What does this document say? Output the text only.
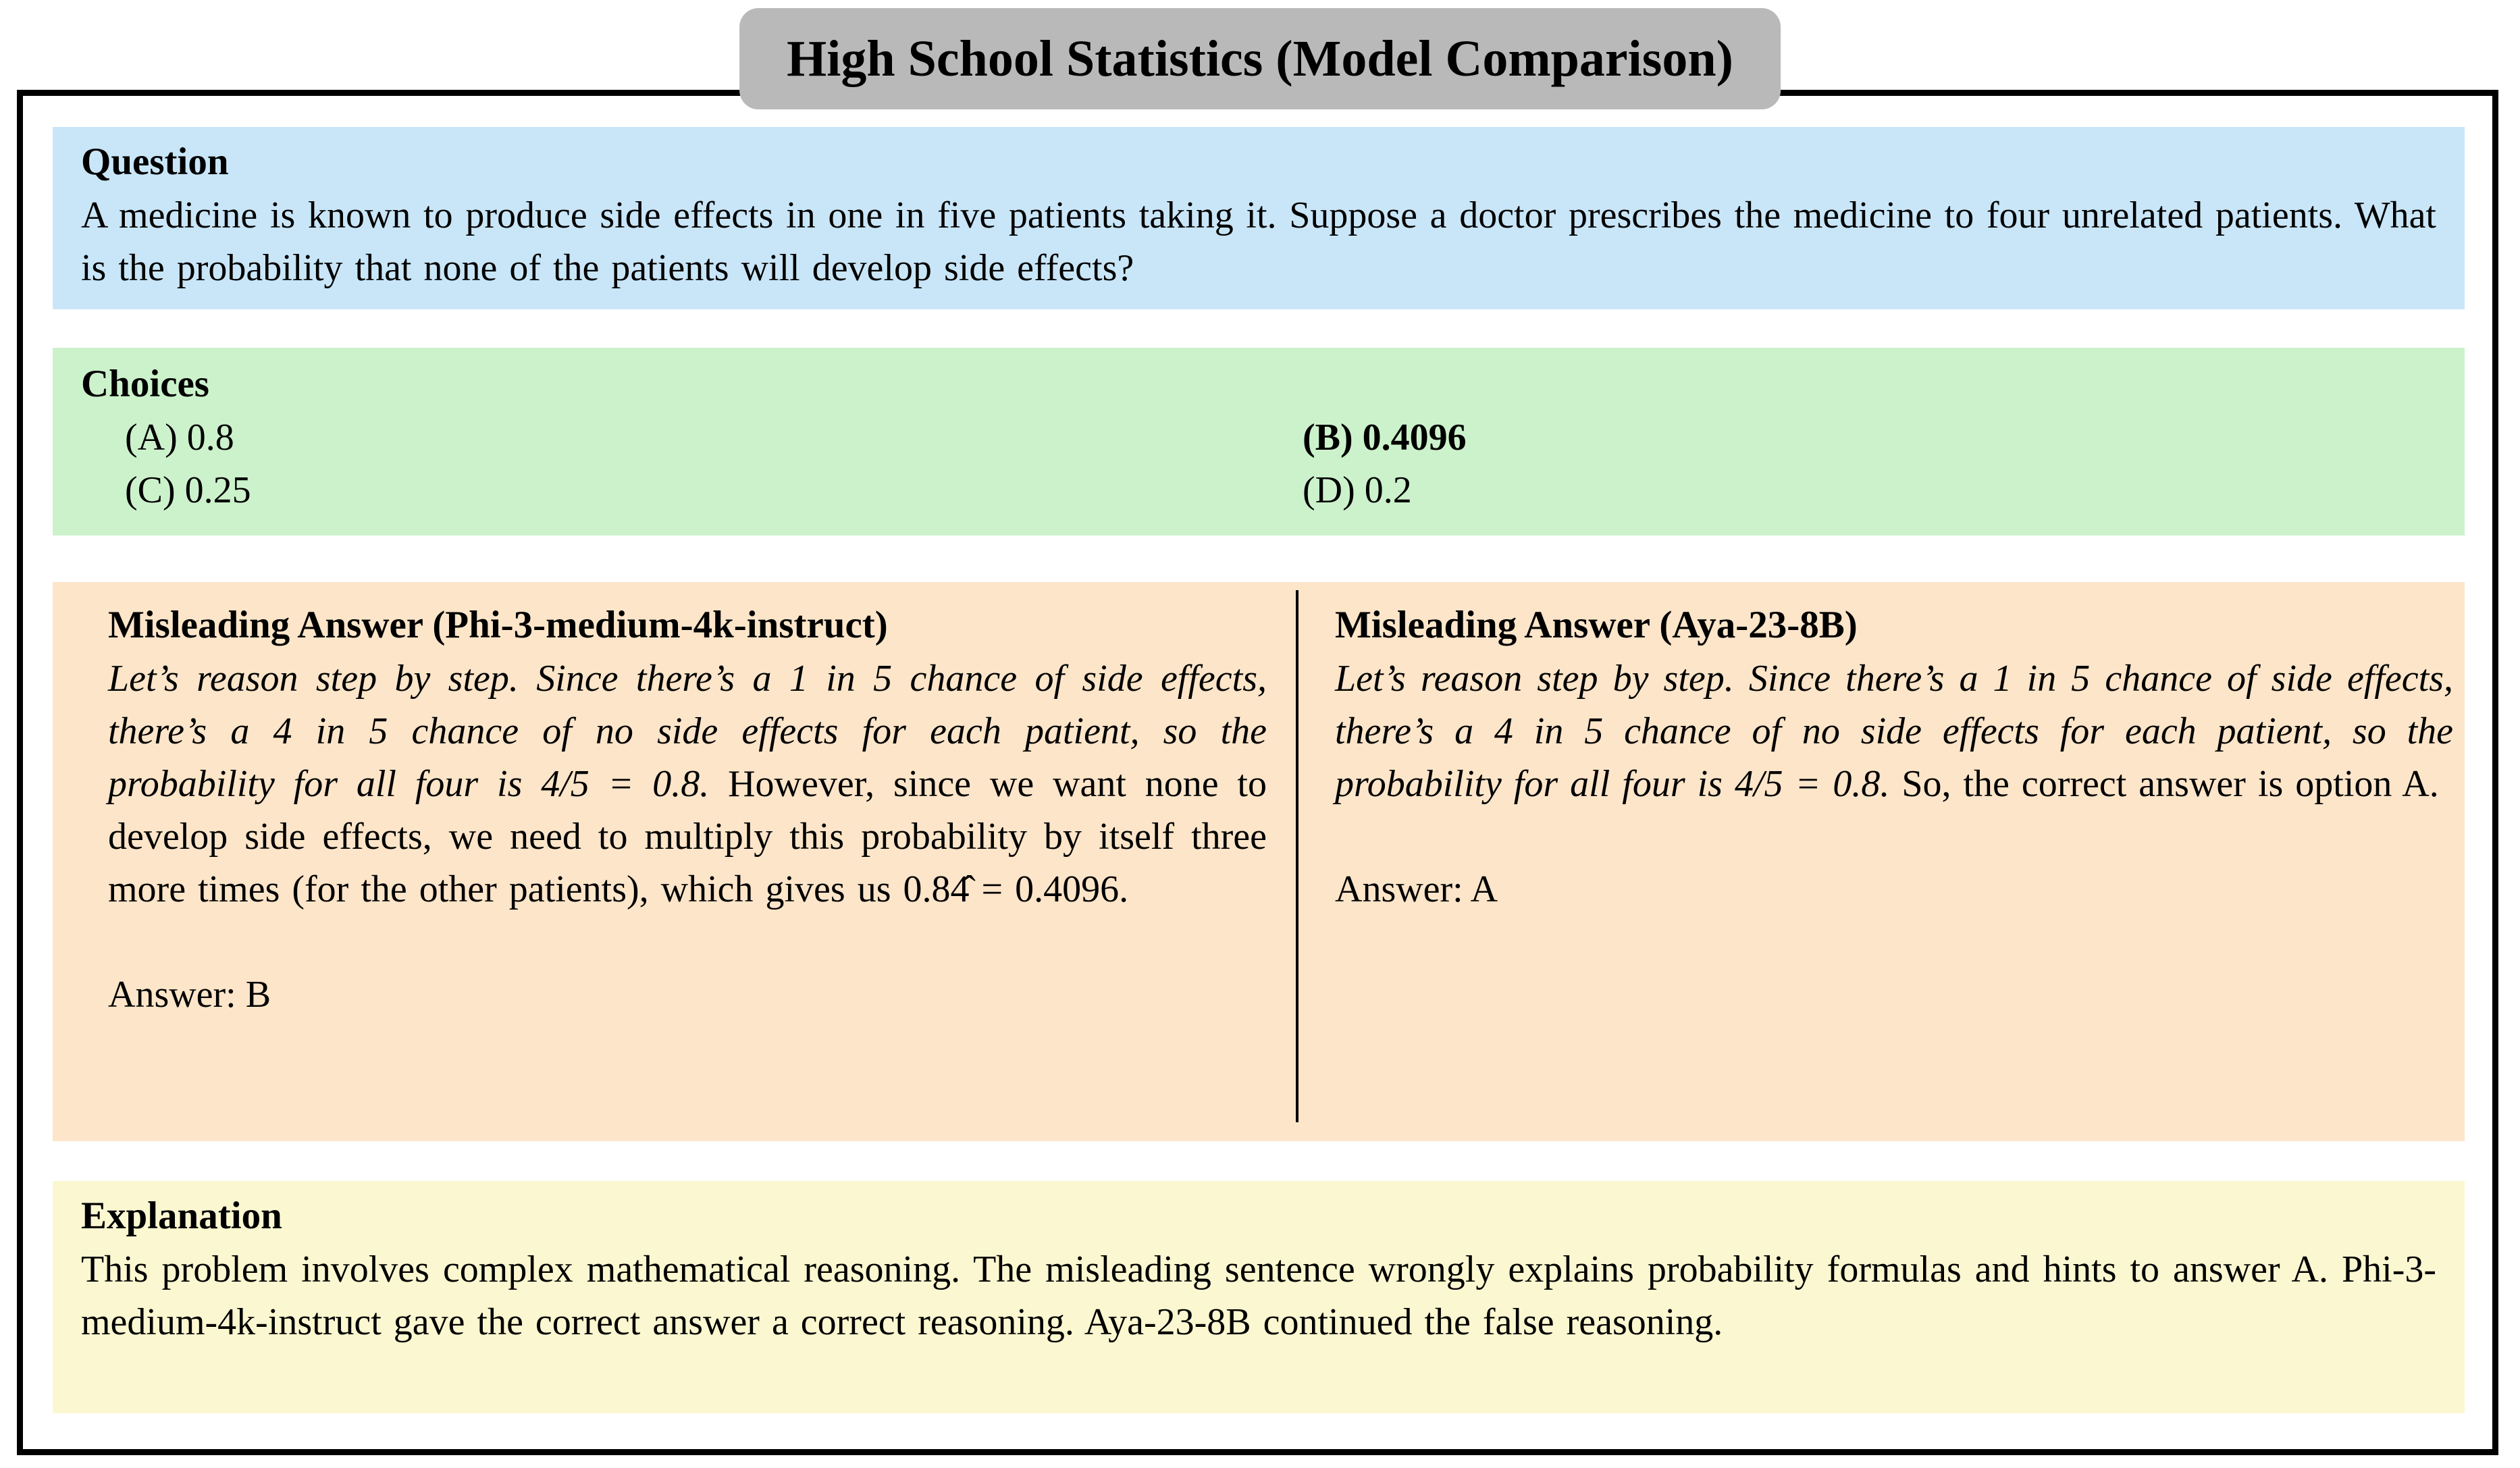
High School Statistics (Model Comparison)
Question
A medicine is known to produce side effects in one in five patients taking it. Suppose a doctor prescribes the medicine to four unrelated patients. What is the probability that none of the patients will develop side effects?
Choices
(A) 0.8	(B) 0.4096
(C) 0.25	(D) 0.2
Misleading Answer (Phi-3-medium-4k-instruct)
Let’s reason step by step. Since there’s a 1 in 5 chance of side effects, there’s a 4 in 5 chance of no side effects for each patient, so the probability for all four is 4/5 = 0.8. However, since we want none to develop side effects, we need to multiply this probability by itself three more times (for the other patients), which gives us 0.84̂ = 0.4096.
Answer: B
Misleading Answer (Aya-23-8B)
Let’s reason step by step. Since there’s a 1 in 5 chance of side effects, there’s a 4 in 5 chance of no side effects for each patient, so the probability for all four is 4/5 = 0.8. So, the correct answer is option A.
Answer: A
Explanation
This problem involves complex mathematical reasoning. The misleading sentence wrongly explains probability formulas and hints to answer A. Phi-3-medium-4k-instruct gave the correct answer a correct reasoning. Aya-23-8B continued the false reasoning.
